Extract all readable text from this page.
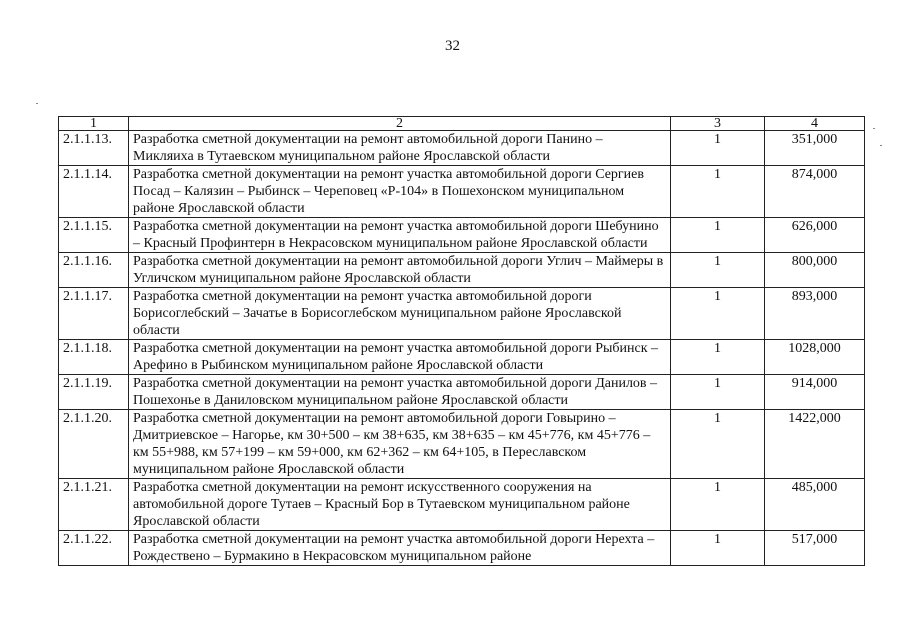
32
1	2	3	4
2.1.1.13.	Разработка сметной документации на ремонт автомобильной дороги Панино – Микляиха в Тутаевском муниципальном районе Ярославской области	1	351,000
2.1.1.14.	Разработка сметной документации на ремонт участка автомобильной дороги Сергиев Посад – Калязин – Рыбинск – Череповец «Р-104» в Пошехонском муниципальном районе Ярославской области	1	874,000
2.1.1.15.	Разработка сметной документации на ремонт участка автомобильной дороги Шебунино – Красный Профинтерн в Некрасовском муниципальном районе Ярославской области	1	626,000
2.1.1.16.	Разработка сметной документации на ремонт автомобильной дороги Углич – Маймеры в Угличском муниципальном районе Ярославской области	1	800,000
2.1.1.17.	Разработка сметной документации на ремонт участка автомобильной дороги Борисоглебский – Зачатье в Борисоглебском муниципальном районе Ярославской области	1	893,000
2.1.1.18.	Разработка сметной документации на ремонт участка автомобильной дороги Рыбинск – Арефино в Рыбинском муниципальном районе Ярославской области	1	1028,000
2.1.1.19.	Разработка сметной документации на ремонт участка автомобильной дороги Данилов – Пошехонье в Даниловском муниципальном районе Ярославской области	1	914,000
2.1.1.20.	Разработка сметной документации на ремонт автомобильной дороги Говырино – Дмитриевское – Нагорье, км 30+500 – км 38+635, км 38+635 – км 45+776, км 45+776 – км 55+988, км 57+199 – км 59+000, км 62+362 – км 64+105, в Переславском муниципальном районе Ярославской области	1	1422,000
2.1.1.21.	Разработка сметной документации на ремонт искусственного сооружения на автомобильной дороге Тутаев – Красный Бор в Тутаевском муниципальном районе Ярославской области	1	485,000
2.1.1.22.	Разработка сметной документации на ремонт участка автомобильной дороги Нерехта – Рождествено – Бурмакино в Некрасовском муниципальном районе	1	517,000
